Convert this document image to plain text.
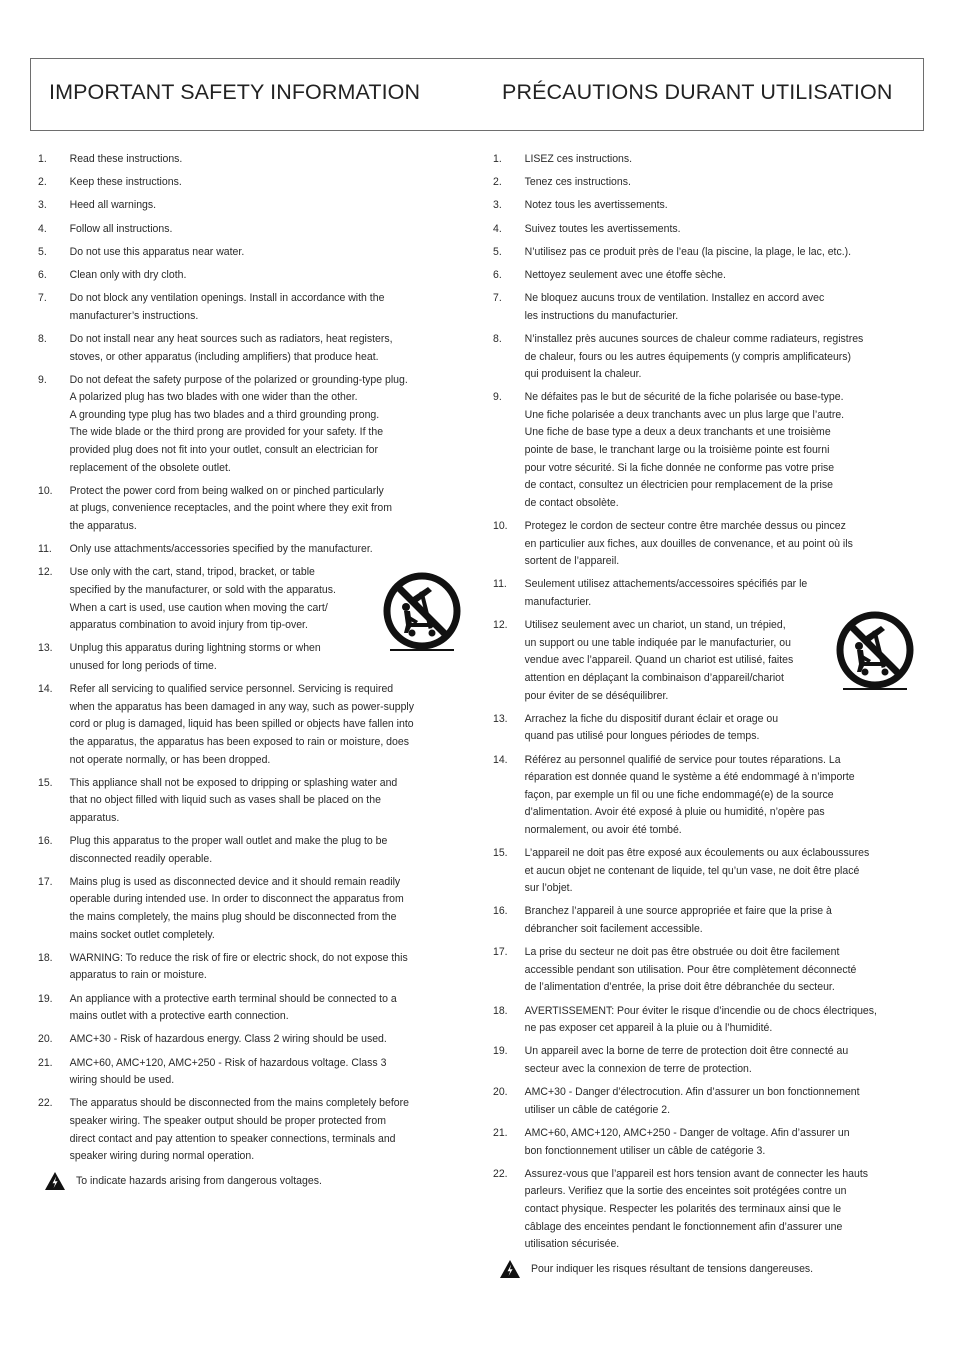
IMPORTANT SAFETY INFORMATION	PRÉCAUTIONS DURANT UTILISATION
1.	Read these instructions.
2.	Keep these instructions.
3.	Heed all warnings.
4.	Follow all instructions.
5.	Do not use this apparatus near water.
6.	Clean only with dry cloth.
7.	Do not block any ventilation openings. Install in accordance with the
manufacturer’s instructions.
8.	Do not install near any heat sources such as radiators, heat registers,
stoves, or other apparatus (including amplifiers) that produce heat.
9.	Do not defeat the safety purpose of the polarized or grounding-type plug.
A polarized plug has two blades with one wider than the other.
A grounding type plug has two blades and a third grounding prong.
The wide blade or the third prong are provided for your safety. If the
provided plug does not fit into your outlet, consult an electrician for
replacement of the obsolete outlet.
10.	Protect the power cord from being walked on or pinched particularly
at plugs, convenience receptacles, and the point where they exit from
the apparatus.
11.	Only use attachments/accessories specified by the manufacturer.
12.	Use only with the cart, stand, tripod, bracket, or table
specified by the manufacturer, or sold with the apparatus.
When a cart is used, use caution when moving the cart/
apparatus combination to avoid injury from tip-over.
13.	Unplug this apparatus during lightning storms or when
unused for long periods of time.
14.	Refer all servicing to qualified service personnel. Servicing is required
when the apparatus has been damaged in any way, such as power-supply
cord or plug is damaged, liquid has been spilled or objects have fallen into
the apparatus, the apparatus has been exposed to rain or moisture, does
not operate normally, or has been dropped.
15.	This appliance shall not be exposed to dripping or splashing water and
that no object filled with liquid such as vases shall be placed on the
apparatus.
16.	Plug this apparatus to the proper wall outlet and make the plug to be
disconnected readily operable.
17.	Mains plug is used as disconnected device and it should remain readily
operable during intended use. In order to disconnect the apparatus from
the mains completely, the mains plug should be disconnected from the
mains socket outlet completely.
18.	WARNING: To reduce the risk of fire or electric shock, do not expose this
apparatus to rain or moisture.
19.	An appliance with a protective earth terminal should be connected to a
mains outlet with a protective earth connection.
20.	AMC+30 - Risk of hazardous energy. Class 2 wiring should be used.
21.	AMC+60, AMC+120, AMC+250 - Risk of hazardous voltage. Class 3
wiring should be used.
22.	The apparatus should be disconnected from the mains completely before
speaker wiring. The speaker output should be proper protected from
direct contact and pay attention to speaker connections, terminals and
speaker wiring during normal operation.
To indicate hazards arising from dangerous voltages.
1.	LISEZ ces instructions.
2.	Tenez ces instructions.
3.	Notez tous les avertissements.
4.	Suivez toutes les avertissements.
5.	N’utilisez pas ce produit près de l’eau (la piscine, la plage, le lac, etc.).
6.	Nettoyez seulement avec une étoffe sèche.
7.	Ne bloquez aucuns troux de ventilation. Installez en accord avec
les instructions du manufacturier.
8.	N’installez près aucunes sources de chaleur comme radiateurs, registres
de chaleur, fours ou les autres équipements (y compris amplificateurs)
qui produisent la chaleur.
9.	Ne défaites pas le but de sécurité de la fiche polarisée ou base-type.
Une fiche polarisée a deux tranchants avec un plus large que l’autre.
Une fiche de base type a deux a deux tranchants et une troisième
pointe de base, le tranchant large ou la troisième pointe est fourni
pour votre sécurité. Si la fiche donnée ne conforme pas votre prise
de contact, consultez un électricien pour remplacement de la prise
de contact obsolète.
10.	Protegez le cordon de secteur contre être marchée dessus ou pincez
en particulier aux fiches, aux douilles de convenance, et au point où ils
sortent de l’appareil.
11.	Seulement utilisez attachements/accessoires spécifiés par le
manufacturier.
12.	Utilisez seulement avec un chariot, un stand, un trépied,
un support ou une table indiquée par le manufacturier, ou
vendue avec l’appareil. Quand un chariot est utilisé, faites
attention en déplaçant la combinaison d’appareil/chariot
pour éviter de se déséquilibrer.
13.	Arrachez la fiche du dispositif durant éclair et orage ou
quand pas utilisé pour longues périodes de temps.
14.	Référez au personnel qualifié de service pour toutes réparations. La
réparation est donnée quand le système a été endommagé à n’importe
façon, par exemple un fil ou une fiche endommagé(e) de la source
d’alimentation. Avoir été exposé à pluie ou humidité, n’opère pas
normalement, ou avoir été tombé.
15.	L’appareil ne doit pas être exposé aux écoulements ou aux éclaboussures
et aucun objet ne contenant de liquide, tel qu’un vase, ne doit être placé
sur l’objet.
16.	Branchez l’appareil à une source appropriée et faire que la prise à
débrancher soit facilement accessible.
17.	La prise du secteur ne doit pas être obstruée ou doit être facilement
accessible pendant son utilisation. Pour être complètement déconnecté
de l’alimentation d’entrée, la prise doit être débranchée du secteur.
18.	AVERTISSEMENT: Pour éviter le risque d’incendie ou de chocs électriques,
ne pas exposer cet appareil à la pluie ou à l’humidité.
19.	Un appareil avec la borne de terre de protection doit être connecté au
secteur avec la connexion de terre de protection.
20.	AMC+30 - Danger d’électrocution. Afin d’assurer un bon fonctionnement
utiliser un câble de catégorie 2.
21.	AMC+60, AMC+120, AMC+250 - Danger de voltage. Afin d’assurer un
bon fonctionnement utiliser un câble de catégorie 3.
22.	Assurez-vous que l’appareil est hors tension avant de connecter les hauts
parleurs. Verifiez que la sortie des enceintes soit protégées contre un
contact physique. Respecter les polarités des terminaux ainsi que le
câblage des enceintes pendant le fonctionnement afin d’assurer une
utilisation sécurisée.
Pour indiquer les risques résultant de tensions dangereuses.
